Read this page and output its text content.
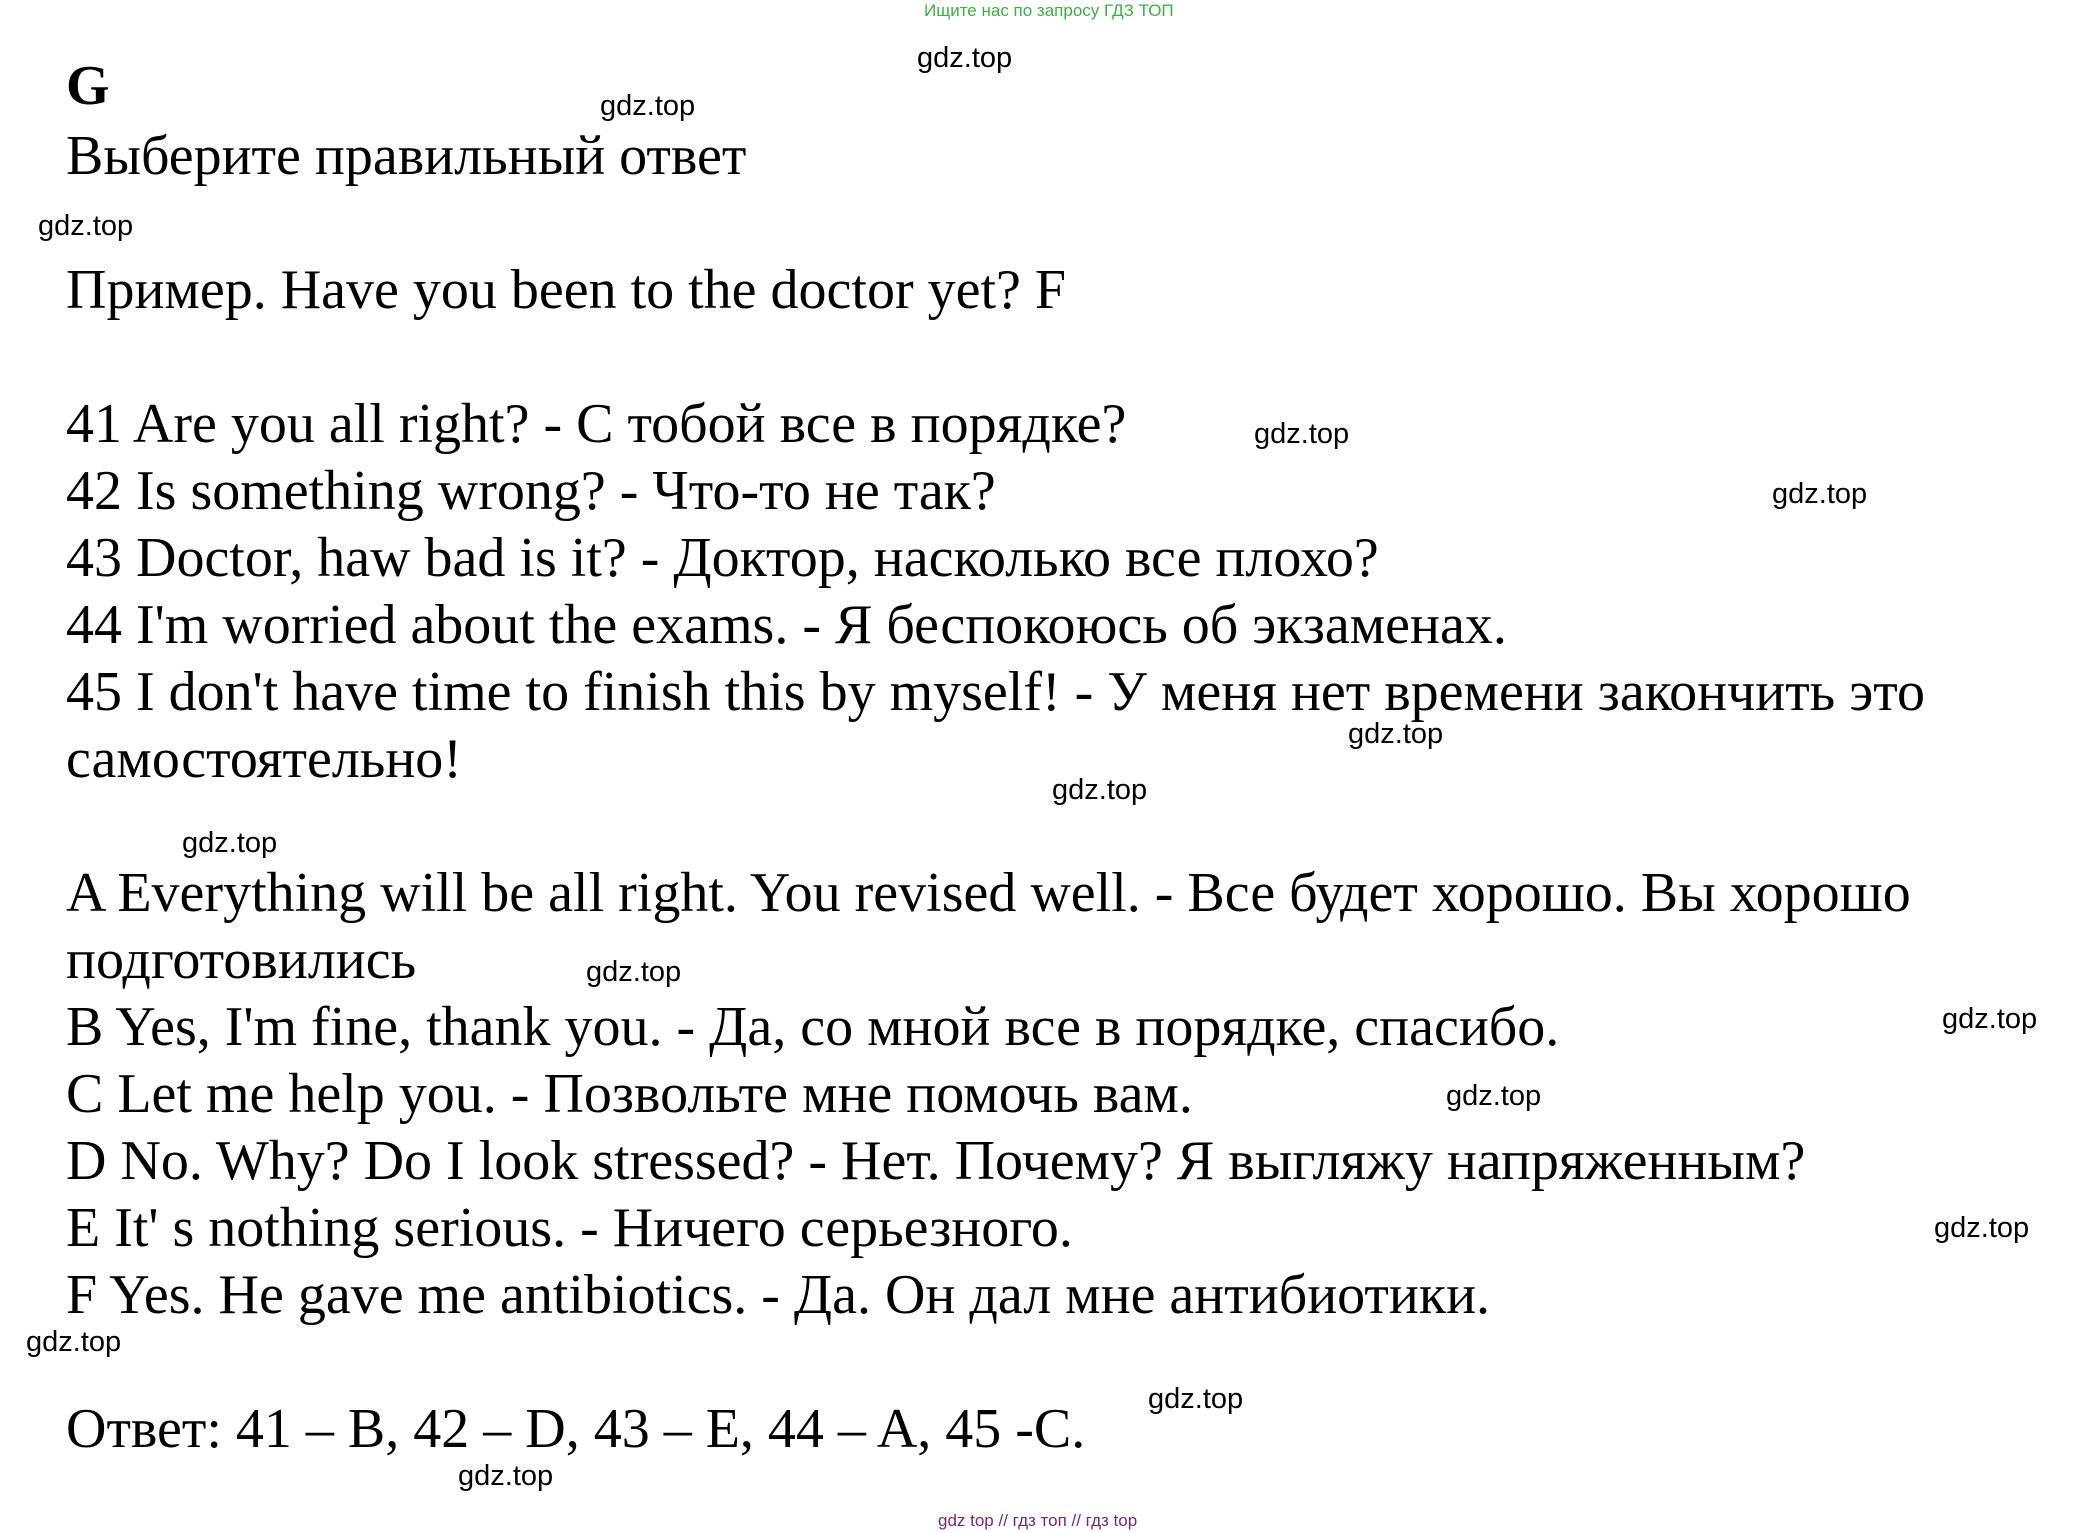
Ищите нас по запросу ГДЗ ТОП
G
Выберите правильный ответ
Пример. Have you been to the doctor yet? F
41 Are you all right? - С тобой все в порядке?
42 Is something wrong? - Что-то не так?
43 Doctor, haw bad is it? - Доктор, насколько все плохо?
44 I'm worried about the exams. - Я беспокоюсь об экзаменах.
45 I don't have time to finish this by myself! - У меня нет времени закончить это
самостоятельно!
A Everything will be all right. You revised well. - Все будет хорошо. Вы хорошо
подготовились
B Yes, I'm fine, thank you. - Да, со мной все в порядке, спасибо.
C Let me help you. - Позвольте мне помочь вам.
D No. Why? Do I look stressed? - Нет. Почему? Я выгляжу напряженным?
E It' s nothing serious. - Ничего серьезного.
F Yes. He gave me antibiotics. - Да. Он дал мне антибиотики.
Ответ: 41 – B, 42 – D, 43 – E, 44 – A, 45 -C.
gdz.top
gdz.top
gdz.top
gdz.top
gdz.top
gdz.top
gdz.top
gdz.top
gdz.top
gdz.top
gdz.top
gdz.top
gdz.top
gdz.top
gdz.top
gdz top // гдз топ // гдз top
